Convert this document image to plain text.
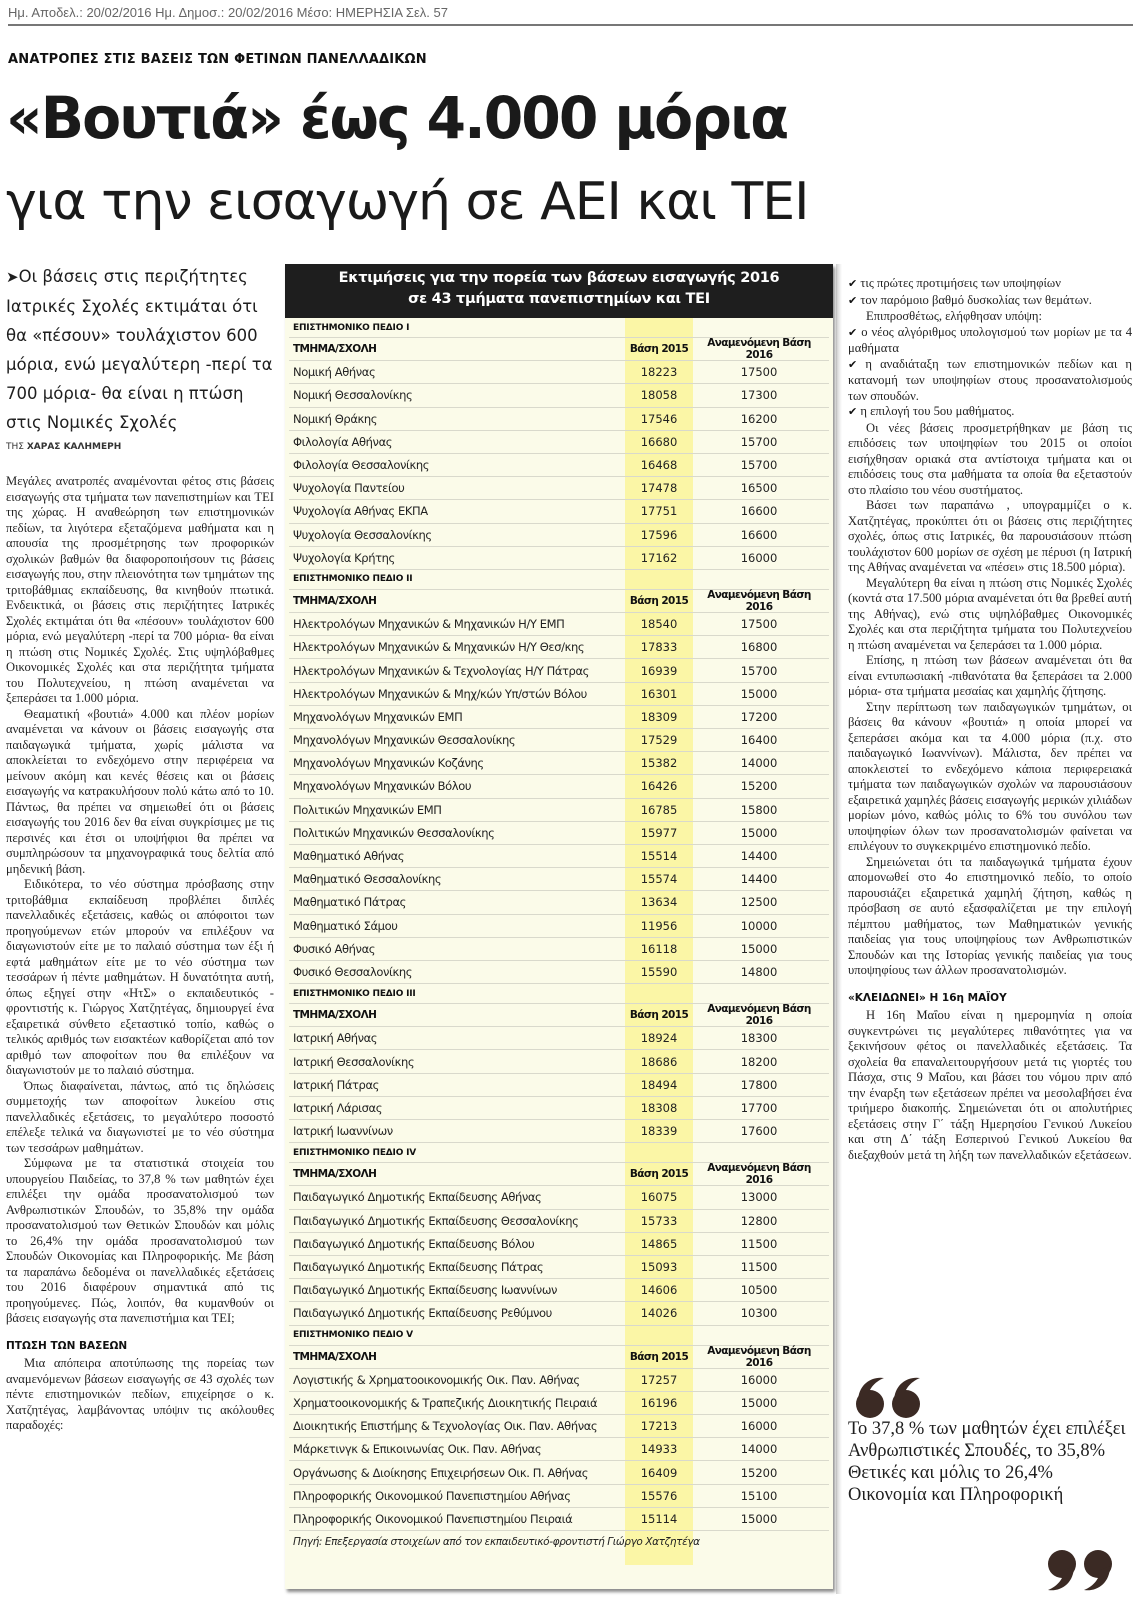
Ημ. Αποδελ.: 20/02/2016 Ημ. Δημοσ.: 20/02/2016 Μέσο: ΗΜΕΡΗΣΙΑ Σελ. 57
ΑΝΑΤΡΟΠΕΣ ΣΤΙΣ ΒΑΣΕΙΣ ΤΩΝ ΦΕΤΙΝΩΝ ΠΑΝΕΛΛΑΔΙΚΩΝ
«Βουτιά» έως 4.000 μόρια
για την εισαγωγή σε ΑΕΙ και ΤΕΙ
➤Οι βάσεις στις περιζήτητες Ιατρικές Σχολές εκτιμάται ότι θα «πέσουν» τουλάχιστον 600 μόρια, ενώ μεγαλύτερη -περί τα 700 μόρια- θα είναι η πτώση στις Νομικές Σχολές
ΤΗΣ ΧΑΡΑΣ ΚΑΛΗΜΕΡΗ

Μεγάλες ανατροπές αναμένονται φέτος στις βάσεις εισαγωγής στα τμήματα των πανεπιστημίων και ΤΕΙ της χώρας. Η αναθεώρηση των επιστημονικών πεδίων, τα λιγότερα εξεταζόμενα μαθήματα και η απουσία της προσμέτρησης των προφορικών σχολικών βαθμών θα διαφοροποιήσουν τις βάσεις εισαγωγής που, στην πλειονότητα των τμημάτων της τριτοβάθμιας εκπαίδευσης, θα κινηθούν πτωτικά. Ενδεικτικά, οι βάσεις στις περιζήτητες Ιατρικές Σχολές εκτιμάται ότι θα «πέσουν» τουλάχιστον 600 μόρια, ενώ μεγαλύτερη -περί τα 700 μόρια- θα είναι η πτώση στις Νομικές Σχολές. Στις υψηλόβαθμες Οικονομικές Σχολές και στα περιζήτητα τμήματα του Πολυτεχνείου, η πτώση αναμένεται να ξεπεράσει τα 1.000 μόρια.

Θεαματική «βουτιά» 4.000 και πλέον μορίων αναμένεται να κάνουν οι βάσεις εισαγωγής στα παιδαγωγικά τμήματα, χωρίς μάλιστα να αποκλείεται το ενδεχόμενο στην περιφέρεια να μείνουν ακόμη και κενές θέσεις και οι βάσεις εισαγωγής να κατρακυλήσουν πολύ κάτω από το 10. Πάντως, θα πρέπει να σημειωθεί ότι οι βάσεις εισαγωγής του 2016 δεν θα είναι συγκρίσιμες με τις περσινές και έτσι οι υποψήφιοι θα πρέπει να συμπληρώσουν τα μηχανογραφικά τους δελτία από μηδενική βάση.

Ειδικότερα, το νέο σύστημα πρόσβασης στην τριτοβάθμια εκπαίδευση προβλέπει διπλές πανελλαδικές εξετάσεις, καθώς οι απόφοιτοι των προηγούμενων ετών μπορούν να επιλέξουν να διαγωνιστούν είτε με το παλαιό σύστημα των έξι ή εφτά μαθημάτων είτε με το νέο σύστημα των τεσσάρων ή πέντε μαθημάτων. Η δυνατότητα αυτή, όπως εξηγεί στην «ΗτΣ» ο εκπαιδευτικός - φροντιστής κ. Γιώργος Χατζητέγας, δημιουργεί ένα εξαιρετικά σύνθετο εξεταστικό τοπίο, καθώς ο τελικός αριθμός των εισακτέων καθορίζεται από τον αριθμό των αποφοίτων που θα επιλέξουν να διαγωνιστούν με το παλαιό σύστημα.

Όπως διαφαίνεται, πάντως, από τις δηλώσεις συμμετοχής των αποφοίτων λυκείου στις πανελλαδικές εξετάσεις, το μεγαλύτερο ποσοστό επέλεξε τελικά να διαγωνιστεί με το νέο σύστημα των τεσσάρων μαθημάτων.

Σύμφωνα με τα στατιστικά στοιχεία του υπουργείου Παιδείας, το 37,8 % των μαθητών έχει επιλέξει την ομάδα προσανατολισμού των Ανθρωπιστικών Σπουδών, το 35,8% την ομάδα προσανατολισμού των Θετικών Σπουδών και μόλις το 26,4% την ομάδα προσανατολισμού των Σπουδών Οικονομίας και Πληροφορικής. Με βάση τα παραπάνω δεδομένα οι πανελλαδικές εξετάσεις του 2016 διαφέρουν σημαντικά από τις προηγούμενες. Πώς, λοιπόν, θα κυμανθούν οι βάσεις εισαγωγής στα πανεπιστήμια και ΤΕΙ;

ΠΤΩΣΗ ΤΩΝ ΒΑΣΕΩΝ

Μια απόπειρα αποτύπωσης της πορείας των αναμενόμενων βάσεων εισαγωγής σε 43 σχολές των πέντε επιστημονικών πεδίων, επιχείρησε ο κ. Χατζητέγας, λαμβάνοντας υπόψιν τις ακόλουθες παραδοχές:

Εκτιμήσεις για την πορεία των βάσεων εισαγωγής 2016
σε 43 τμήματα πανεπιστημίων και ΤΕΙ
ΕΠΙΣΤΗΜΟΝΙΚΟ ΠΕΔΙΟ Ι
ΤΜΗΜΑ/ΣΧΟΛΗ	Βάση 2015	Αναμενόμενη Βάση 2016
Νομική Αθήνας	18223	17500
Νομική Θεσσαλονίκης	18058	17300
Νομική Θράκης	17546	16200
Φιλολογία Αθήνας	16680	15700
Φιλολογία Θεσσαλονίκης	16468	15700
Ψυχολογία Παντείου	17478	16500
Ψυχολογία Αθήνας ΕΚΠΑ	17751	16600
Ψυχολογία Θεσσαλονίκης	17596	16600
Ψυχολογία Κρήτης	17162	16000
ΕΠΙΣΤΗΜΟΝΙΚΟ ΠΕΔΙΟ ΙΙ
ΤΜΗΜΑ/ΣΧΟΛΗ	Βάση 2015	Αναμενόμενη Βάση 2016
Ηλεκτρολόγων Μηχανικών & Μηχανικών Η/Υ ΕΜΠ	18540	17500
Ηλεκτρολόγων Μηχανικών & Μηχανικών Η/Υ Θεσ/κης	17833	16800
Ηλεκτρολόγων Μηχανικών & Τεχνολογίας Η/Υ Πάτρας	16939	15700
Ηλεκτρολόγων Μηχανικών & Μηχ/κών Υπ/στών Βόλου	16301	15000
Μηχανολόγων Μηχανικών ΕΜΠ	18309	17200
Μηχανολόγων Μηχανικών Θεσσαλονίκης	17529	16400
Μηχανολόγων Μηχανικών Κοζάνης	15382	14000
Μηχανολόγων Μηχανικών Βόλου	16426	15200
Πολιτικών Μηχανικών ΕΜΠ	16785	15800
Πολιτικών Μηχανικών Θεσσαλονίκης	15977	15000
Μαθηματικό Αθήνας	15514	14400
Μαθηματικό Θεσσαλονίκης	15574	14400
Μαθηματικό Πάτρας	13634	12500
Μαθηματικό Σάμου	11956	10000
Φυσικό Αθήνας	16118	15000
Φυσικό Θεσσαλονίκης	15590	14800
ΕΠΙΣΤΗΜΟΝΙΚΟ ΠΕΔΙΟ ΙΙΙ
ΤΜΗΜΑ/ΣΧΟΛΗ	Βάση 2015	Αναμενόμενη Βάση 2016
Ιατρική Αθήνας	18924	18300
Ιατρική Θεσσαλονίκης	18686	18200
Ιατρική Πάτρας	18494	17800
Ιατρική Λάρισας	18308	17700
Ιατρική Ιωαννίνων	18339	17600
ΕΠΙΣΤΗΜΟΝΙΚΟ ΠΕΔΙΟ IV
ΤΜΗΜΑ/ΣΧΟΛΗ	Βάση 2015	Αναμενόμενη Βάση 2016
Παιδαγωγικό Δημοτικής Εκπαίδευσης Αθήνας	16075	13000
Παιδαγωγικό Δημοτικής Εκπαίδευσης Θεσσαλονίκης	15733	12800
Παιδαγωγικό Δημοτικής Εκπαίδευσης Βόλου	14865	11500
Παιδαγωγικό Δημοτικής Εκπαίδευσης Πάτρας	15093	11500
Παιδαγωγικό Δημοτικής Εκπαίδευσης Ιωαννίνων	14606	10500
Παιδαγωγικό Δημοτικής Εκπαίδευσης Ρεθύμνου	14026	10300
ΕΠΙΣΤΗΜΟΝΙΚΟ ΠΕΔΙΟ V
ΤΜΗΜΑ/ΣΧΟΛΗ	Βάση 2015	Αναμενόμενη Βάση 2016
Λογιστικής & Χρηματοοικονομικής Οικ. Παν. Αθήνας	17257	16000
Χρηματοοικονομικής & Τραπεζικής Διοικητικής Πειραιά	16196	15000
Διοικητικής Επιστήμης & Τεχνολογίας Οικ. Παν. Αθήνας	17213	16000
Μάρκετινγκ & Επικοινωνίας Οικ. Παν. Αθήνας	14933	14000
Οργάνωσης & Διοίκησης Επιχειρήσεων Οικ. Π. Αθήνας	16409	15200
Πληροφορικής Οικονομικού Πανεπιστημίου Αθήνας	15576	15100
Πληροφορικής Οικονομικού Πανεπιστημίου Πειραιά	15114	15000
Πηγή: Επεξεργασία στοιχείων από τον εκπαιδευτικό-φροντιστή Γιώργο Χατζητέγα
✔ τις πρώτες προτιμήσεις των υποψηφίων
✔ τον παρόμοιο βαθμό δυσκολίας των θεμάτων.

Επιπροσθέτως, ελήφθησαν υπόψη:

✔ ο νέος αλγόριθμος υπολογισμού των μορίων με τα 4 μαθήματα
✔ η αναδιάταξη των επιστημονικών πεδίων και η κατανομή των υποψηφίων στους προσανατολισμούς των σπουδών.
✔ η επιλογή του 5ου μαθήματος.

Οι νέες βάσεις προσμετρήθηκαν με βάση τις επιδόσεις των υποψηφίων του 2015 οι οποίοι εισήχθησαν οριακά στα αντίστοιχα τμήματα και οι επιδόσεις τους στα μαθήματα τα οποία θα εξεταστούν στο πλαίσιο του νέου συστήματος.

Βάσει των παραπάνω , υπογραμμίζει ο κ. Χατζητέγας, προκύπτει ότι οι βάσεις στις περιζήτητες σχολές, όπως στις Ιατρικές, θα παρουσιάσουν πτώση τουλάχιστον 600 μορίων σε σχέση με πέρυσι (η Ιατρική της Αθήνας αναμένεται να «πέσει» στις 18.500 μόρια).

Μεγαλύτερη θα είναι η πτώση στις Νομικές Σχολές (κοντά στα 17.500 μόρια αναμένεται ότι θα βρεθεί αυτή της Αθήνας), ενώ στις υψηλόβαθμες Οικονομικές Σχολές και στα περιζήτητα τμήματα του Πολυτεχνείου η πτώση αναμένεται να ξεπεράσει τα 1.000 μόρια.

Επίσης, η πτώση των βάσεων αναμένεται ότι θα είναι εντυπωσιακή -πιθανότατα θα ξεπεράσει τα 2.000 μόρια- στα τμήματα μεσαίας και χαμηλής ζήτησης.

Στην περίπτωση των παιδαγωγικών τμημάτων, οι βάσεις θα κάνουν «βουτιά» η οποία μπορεί να ξεπεράσει ακόμα και τα 4.000 μόρια (π.χ. στο παιδαγωγικό Ιωαννίνων). Μάλιστα, δεν πρέπει να αποκλειστεί το ενδεχόμενο κάποια περιφερειακά τμήματα των παιδαγωγικών σχολών να παρουσιάσουν εξαιρετικά χαμηλές βάσεις εισαγωγής μερικών χιλιάδων μορίων μόνο, καθώς μόλις το 6% του συνόλου των υποψηφίων όλων των προσανατολισμών φαίνεται να επιλέγουν το συγκεκριμένο επιστημονικό πεδίο.

Σημειώνεται ότι τα παιδαγωγικά τμήματα έχουν απομονωθεί στο 4ο επιστημονικό πεδίο, το οποίο παρουσιάζει εξαιρετικά χαμηλή ζήτηση, καθώς η πρόσβαση σε αυτό εξασφαλίζεται με την επιλογή πέμπτου μαθήματος, των Μαθηματικών γενικής παιδείας για τους υποψηφίους των Ανθρωπιστικών Σπουδών και της Ιστορίας γενικής παιδείας για τους υποψηφίους των άλλων προσανατολισμών.

«ΚΛΕΙΔΩΝΕΙ» Η 16η ΜΑΪΟΥ

Η 16η Μαΐου είναι η ημερομηνία η οποία συγκεντρώνει τις μεγαλύτερες πιθανότητες για να ξεκινήσουν φέτος οι πανελλαδικές εξετάσεις. Τα σχολεία θα επαναλειτουργήσουν μετά τις γιορτές του Πάσχα, στις 9 Μαΐου, και βάσει του νόμου πριν από την έναρξη των εξετάσεων πρέπει να μεσολαβήσει ένα τριήμερο διακοπής. Σημειώνεται ότι οι απολυτήριες εξετάσεις στην Γ΄ τάξη Ημερησίου Γενικού Λυκείου και στη Δ΄ τάξη Εσπερινού Γενικού Λυκείου θα διεξαχθούν μετά τη λήξη των πανελλαδικών εξετάσεων.

Το 37,8 % των μαθητών έχει επιλέξει Ανθρωπιστικές Σπουδές, το 35,8% Θετικές και μόλις το 26,4% Οικονομία και Πληροφορική
